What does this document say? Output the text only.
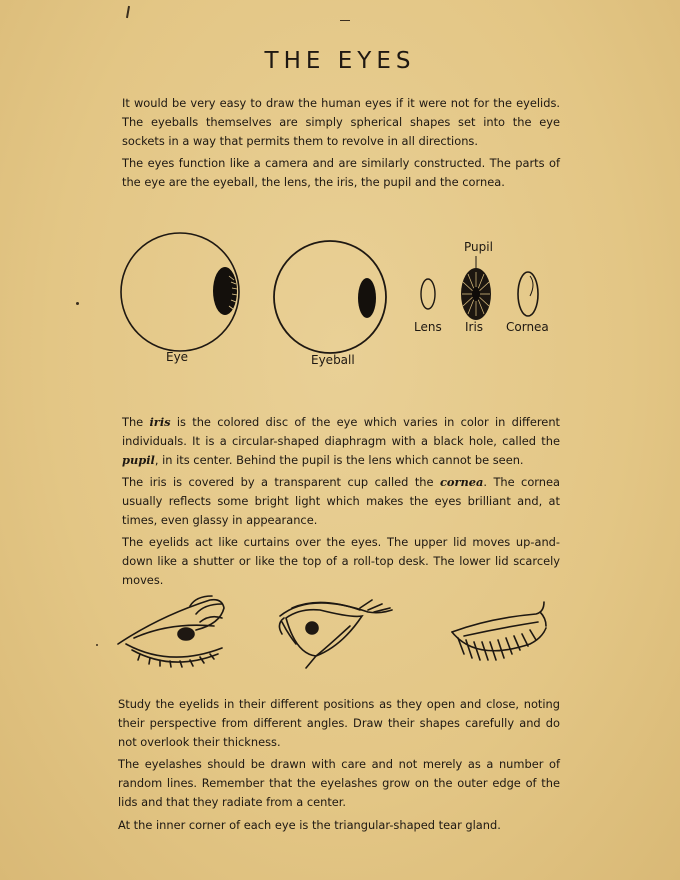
THE EYES

It would be very easy to draw the human eyes if it were not for the eyelids. The eyeballs themselves are simply spherical shapes set into the eye sockets in a way that permits them to revolve in all directions.

The eyes function like a camera and are similarly constructed. The parts of the eye are the eyeball, the lens, the iris, the pupil and the cornea.

Eye	Eyeball
Lens
Pupil
Iris Cornea

The iris is the colored disc of the eye which varies in color in different individuals. It is a circular-shaped diaphragm with a black hole, called the pupil, in its center. Behind the pupil is the lens which cannot be seen.

The iris is covered by a transparent cup called the cornea. The cornea usually reflects some bright light which makes the eyes brilliant and, at times, even glassy in appearance.

The eyelids act like curtains over the eyes. The upper lid moves up-and-down like a shutter or like the top of a roll-top desk. The lower lid scarcely moves.

Study the eyelids in their different positions as they open and close, noting their perspective from different angles. Draw their shapes carefully and do not overlook their thickness.

The eyelashes should be drawn with care and not merely as a number of random lines. Remember that the eyelashes grow on the outer edge of the lids and that they radiate from a center.

At the inner corner of each eye is the triangular-shaped tear gland.
